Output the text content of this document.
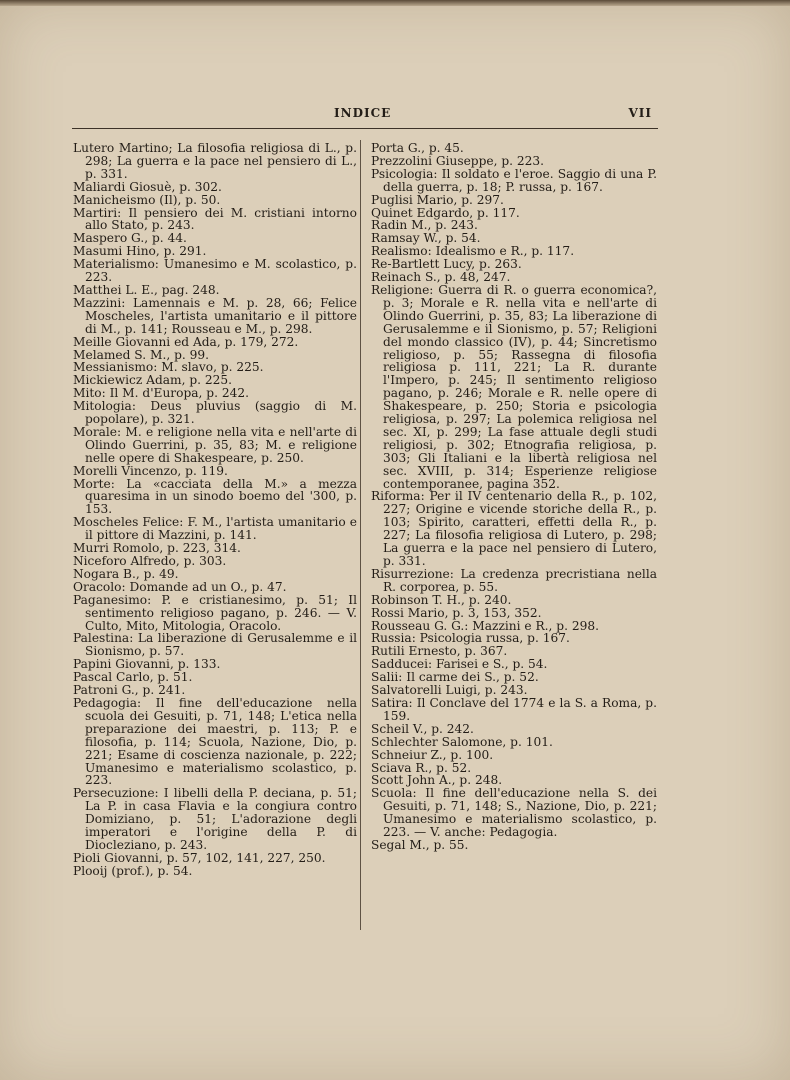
INDICE	VII

Lutero Martino; La filosofia religiosa di L., p. 298; La guerra e la pace nel pensiero di L., p. 331.

Maliardi Giosuè, p. 302.

Manicheismo (Il), p. 50.

Martiri: Il pensiero dei M. cristiani intorno allo Stato, p. 243.

Maspero G., p. 44.

Masumi Hino, p. 291.

Materialismo: Umanesimo e M. scolastico, p. 223.

Matthei L. E., pag. 248.

Mazzini: Lamennais e M. p. 28, 66; Felice Moscheles, l'artista umanitario e il pittore di M., p. 141; Rousseau e M., p. 298.

Meille Giovanni ed Ada, p. 179, 272.

Melamed S. M., p. 99.

Messianismo: M. slavo, p. 225.

Mickiewicz Adam, p. 225.

Mito: Il M. d'Europa, p. 242.

Mitologia: Deus pluvius (saggio di M. popolare), p. 321.

Morale: M. e religione nella vita e nell'arte di Olindo Guerrini, p. 35, 83; M. e religione nelle opere di Shakespeare, p. 250.

Morelli Vincenzo, p. 119.

Morte: La «cacciata della M.» a mezza quaresima in un sinodo boemo del '300, p. 153.

Moscheles Felice: F. M., l'artista umanitario e il pittore di Mazzini, p. 141.

Murri Romolo, p. 223, 314.

Niceforo Alfredo, p. 303.

Nogara B., p. 49.

Oracolo: Domande ad un O., p. 47.

Paganesimo: P. e cristianesimo, p. 51; Il sentimento religioso pagano, p. 246. — V. Culto, Mito, Mitologia, Oracolo.

Palestina: La liberazione di Gerusalemme e il Sionismo, p. 57.

Papini Giovanni, p. 133.

Pascal Carlo, p. 51.

Patroni G., p. 241.

Pedagogia: Il fine dell'educazione nella scuola dei Gesuiti, p. 71, 148; L'etica nella preparazione dei maestri, p. 113; P. e filosofia, p. 114; Scuola, Nazione, Dio, p. 221; Esame di coscienza nazionale, p. 222; Umanesimo e materialismo scolastico, p. 223.

Persecuzione: I libelli della P. deciana, p. 51; La P. in casa Flavia e la congiura contro Domiziano, p. 51; L'adorazione degli imperatori e l'origine della P. di Diocleziano, p. 243.

Pioli Giovanni, p. 57, 102, 141, 227, 250.

Plooij (prof.), p. 54.

Porta G., p. 45.

Prezzolini Giuseppe, p. 223.

Psicologia: Il soldato e l'eroe. Saggio di una P. della guerra, p. 18; P. russa, p. 167.

Puglisi Mario, p. 297.

Quinet Edgardo, p. 117.

Radin M., p. 243.

Ramsay W., p. 54.

Realismo: Idealismo e R., p. 117.

Re-Bartlett Lucy, p. 263.

Reinach S., p. 48, 247.

Religione: Guerra di R. o guerra economica?, p. 3; Morale e R. nella vita e nell'arte di Olindo Guerrini, p. 35, 83; La liberazione di Gerusalemme e il Sionismo, p. 57; Religioni del mondo classico (IV), p. 44; Sincretismo religioso, p. 55; Rassegna di filosofia religiosa p. 111, 221; La R. durante l'Impero, p. 245; Il sentimento religioso pagano, p. 246; Morale e R. nelle opere di Shakespeare, p. 250; Storia e psicologia religiosa, p. 297; La polemica religiosa nel sec. XI, p. 299; La fase attuale degli studi religiosi, p. 302; Etnografia religiosa, p. 303; Gli Italiani e la libertà religiosa nel sec. XVIII, p. 314; Esperienze religiose contemporanee, pagina 352.

Riforma: Per il IV centenario della R., p. 102, 227; Origine e vicende storiche della R., p. 103; Spirito, caratteri, effetti della R., p. 227; La filosofia religiosa di Lutero, p. 298; La guerra e la pace nel pensiero di Lutero, p. 331.

Risurrezione: La credenza precristiana nella R. corporea, p. 55.

Robinson T. H., p. 240.

Rossi Mario, p. 3, 153, 352.

Rousseau G. G.: Mazzini e R., p. 298.

Russia: Psicologia russa, p. 167.

Rutili Ernesto, p. 367.

Sadducei: Farisei e S., p. 54.

Salii: Il carme dei S., p. 52.

Salvatorelli Luigi, p. 243.

Satira: Il Conclave del 1774 e la S. a Roma, p. 159.

Scheil V., p. 242.

Schlechter Salomone, p. 101.

Schneiur Z., p. 100.

Sciava R., p. 52.

Scott John A., p. 248.

Scuola: Il fine dell'educazione nella S. dei Gesuiti, p. 71, 148; S., Nazione, Dio, p. 221; Umanesimo e materialismo scolastico, p. 223. — V. anche: Pedagogia.

Segal M., p. 55.
